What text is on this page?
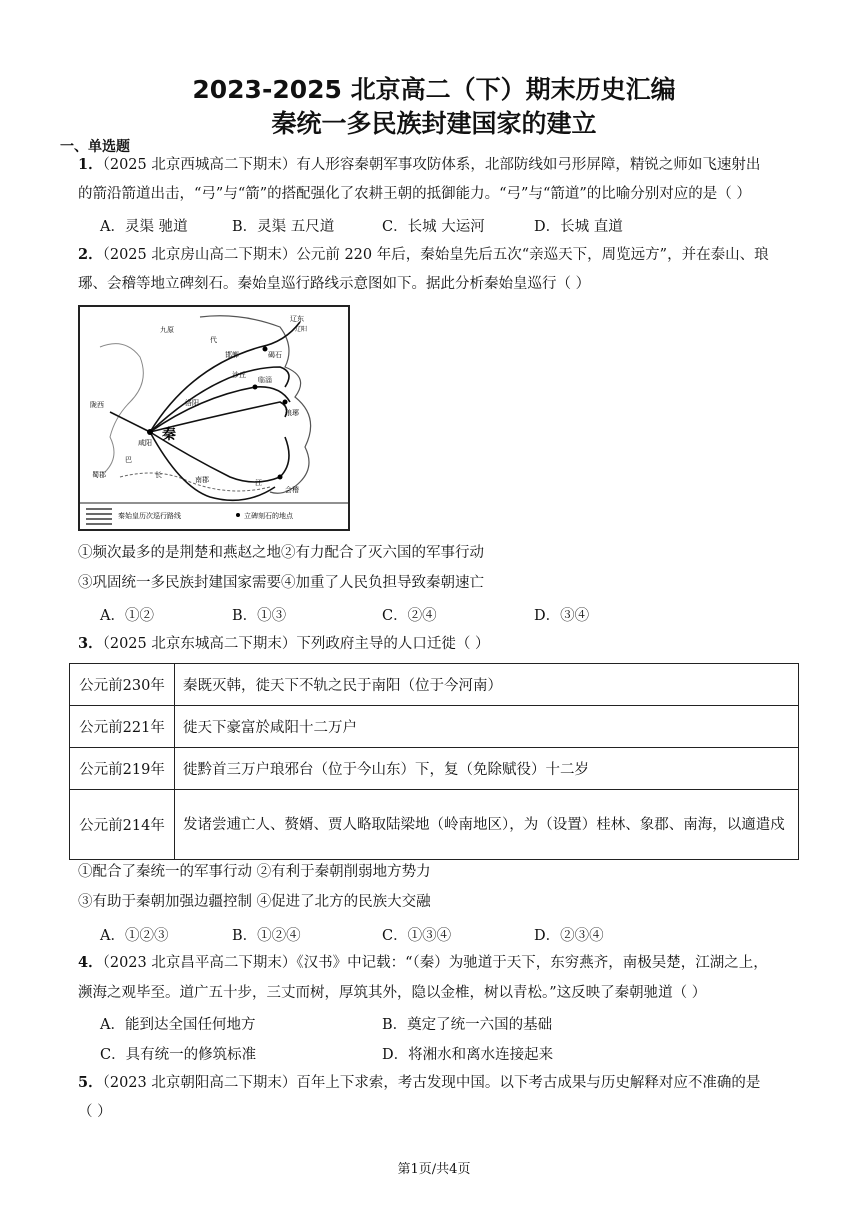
2023-2025 北京高二（下）期末历史汇编
秦统一多民族封建国家的建立
一、单选题
1．（2025 北京西城高二下期末）有人形容秦朝军事攻防体系，北部防线如弓形屏障，精锐之师如飞速射出
的箭沿箭道出击，“弓”与“箭”的搭配强化了农耕王朝的抵御能力。“弓”与“箭道”的比喻分别对应的是（ ）
A．灵渠 驰道	B．灵渠 五尺道	C．长城 大运河	D．长城 直道
2．（2025 北京房山高二下期末）公元前 220 年后，秦始皇先后五次“亲巡天下，周览远方”，并在泰山、琅
琊、会稽等地立碑刻石。秦始皇巡行路线示意图如下。据此分析秦始皇巡行（ ）
辽东
辽阳
九原
代
邯郸
洛阳
沙丘
临淄
琅琊
陇西
咸阳 秦
会稽
南郡
蜀郡	长
江
巴
碣石
秦始皇历次巡行路线	立碑刻石的地点
①频次最多的是荆楚和燕赵之地②有力配合了灭六国的军事行动
③巩固统一多民族封建国家需要④加重了人民负担导致秦朝速亡
A．①②	B．①③	C．②④	D．③④
3．（2025 北京东城高二下期末）下列政府主导的人口迁徙（ ）
公元前230年	秦既灭韩，徙天下不轨之民于南阳（位于今河南）
公元前221年	徙天下豪富於咸阳十二万户
公元前219年	徙黔首三万户琅邪台（位于今山东）下，复（免除赋役）十二岁
公元前214年	发诸尝逋亡人、赘婿、贾人略取陆梁地（岭南地区），为（设置）桂林、象郡、南海，以適遣戍
①配合了秦统一的军事行动 ②有利于秦朝削弱地方势力
③有助于秦朝加强边疆控制 ④促进了北方的民族大交融
A．①②③	B．①②④	C．①③④	D．②③④
4．（2023 北京昌平高二下期末）《汉书》中记载：“（秦）为驰道于天下，东穷燕齐，南极吴楚，江湖之上，
濒海之观毕至。道广五十步，三丈而树，厚筑其外，隐以金椎，树以青松。”这反映了秦朝驰道（ ）
A．能到达全国任何地方	B．奠定了统一六国的基础
C．具有统一的修筑标准	D．将湘水和离水连接起来
5．（2023 北京朝阳高二下期末）百年上下求索，考古发现中国。以下考古成果与历史解释对应不准确的是
（ ）
第1页/共4页
